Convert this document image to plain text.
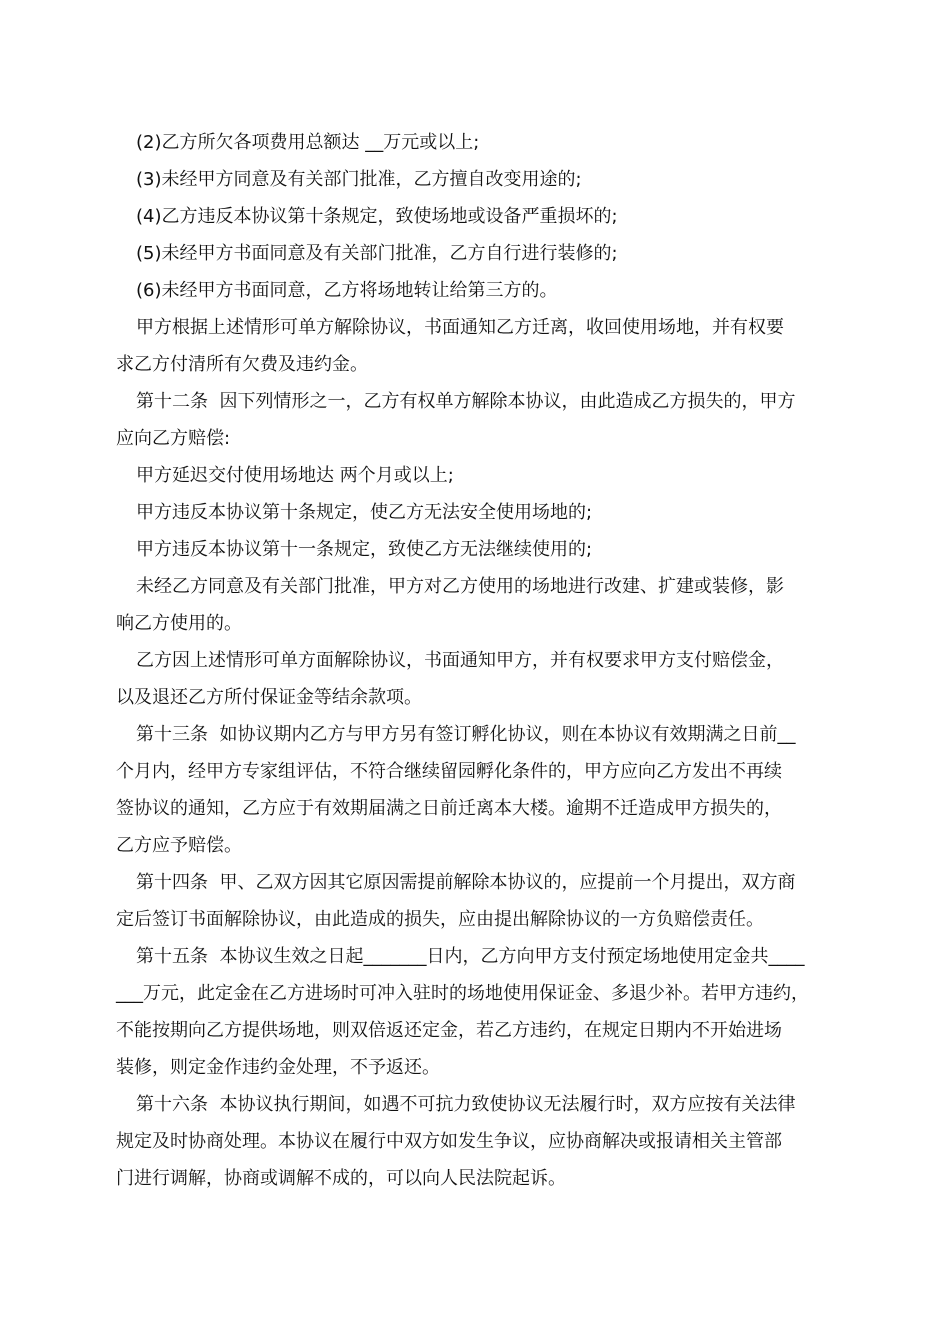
(2)乙方所欠各项费用总额达 __万元或以上;
(3)未经甲方同意及有关部门批准，乙方擅自改变用途的;
(4)乙方违反本协议第十条规定，致使场地或设备严重损坏的;
(5)未经甲方书面同意及有关部门批准，乙方自行进行装修的;
(6)未经甲方书面同意，乙方将场地转让给第三方的。
甲方根据上述情形可单方解除协议，书面通知乙方迁离，收回使用场地，并有权要
求乙方付清所有欠费及违约金。
第十二条  因下列情形之一，乙方有权单方解除本协议，由此造成乙方损失的，甲方
应向乙方赔偿:
甲方延迟交付使用场地达 两个月或以上;
甲方违反本协议第十条规定，使乙方无法安全使用场地的;
甲方违反本协议第十一条规定，致使乙方无法继续使用的;
未经乙方同意及有关部门批准，甲方对乙方使用的场地进行改建、扩建或装修，影
响乙方使用的。
乙方因上述情形可单方面解除协议，书面通知甲方，并有权要求甲方支付赔偿金，
以及退还乙方所付保证金等结余款项。
第十三条  如协议期内乙方与甲方另有签订孵化协议，则在本协议有效期满之日前__
个月内，经甲方专家组评估，不符合继续留园孵化条件的，甲方应向乙方发出不再续
签协议的通知，乙方应于有效期届满之日前迁离本大楼。逾期不迁造成甲方损失的，
乙方应予赔偿。
第十四条  甲、乙双方因其它原因需提前解除本协议的，应提前一个月提出，双方商
定后签订书面解除协议，由此造成的损失，应由提出解除协议的一方负赔偿责任。
第十五条  本协议生效之日起_______日内，乙方向甲方支付预定场地使用定金共____
___万元，此定金在乙方进场时可冲入驻时的场地使用保证金、多退少补。若甲方违约，
不能按期向乙方提供场地，则双倍返还定金，若乙方违约，在规定日期内不开始进场
装修，则定金作违约金处理，不予返还。
第十六条  本协议执行期间，如遇不可抗力致使协议无法履行时，双方应按有关法律
规定及时协商处理。本协议在履行中双方如发生争议，应协商解决或报请相关主管部
门进行调解，协商或调解不成的，可以向人民法院起诉。
